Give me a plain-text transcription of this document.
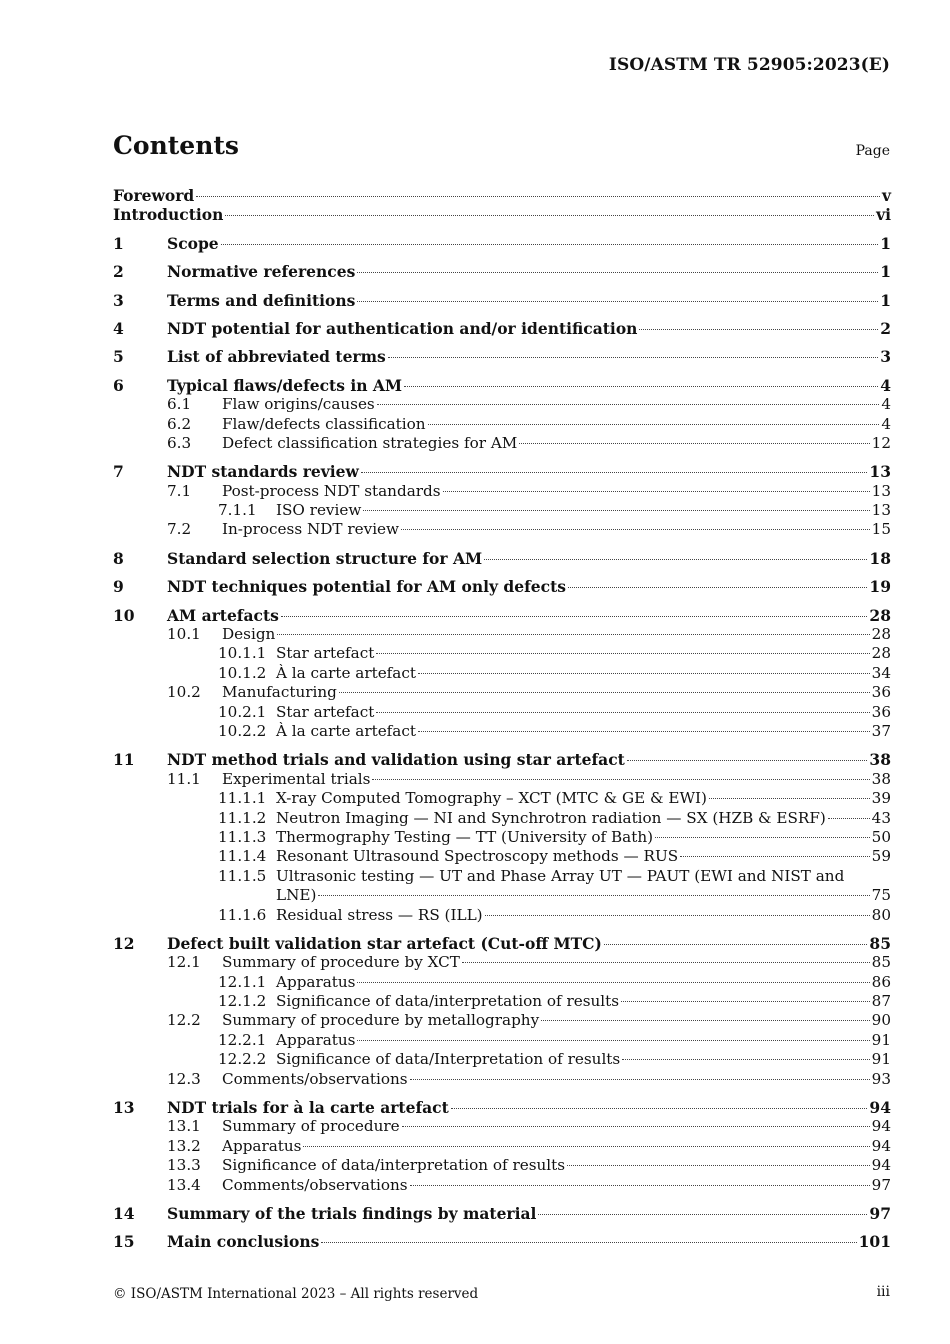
ISO/ASTM TR 52905:2023(E)
Contents	Page
Foreword	v
Introduction	vi
1	Scope	1
2	Normative references	1
3	Terms and definitions	1
4	NDT potential for authentication and/or identification	2
5	List of abbreviated terms	3
6	Typical flaws/defects in AM	4
6.1	Flaw origins/causes	4
6.2	Flaw/defects classification	4
6.3	Defect classification strategies for AM	12
7	NDT standards review	13
7.1	Post-process NDT standards	13
7.1.1	ISO review	13
7.2	In-process NDT review	15
8	Standard selection structure for AM	18
9	NDT techniques potential for AM only defects	19
10	AM artefacts	28
10.1	Design	28
10.1.1 Star artefact	28
10.1.2 À la carte artefact	34
10.2	Manufacturing	36
10.2.1 Star artefact	36
10.2.2 À la carte artefact	37
11	NDT method trials and validation using star artefact	38
11.1	Experimental trials	38
11.1.1 X-ray Computed Tomography – XCT (MTC & GE & EWI)	39
11.1.2 Neutron Imaging — NI and Synchrotron radiation — SX (HZB & ESRF)	43
11.1.3 Thermography Testing — TT (University of Bath)	50
11.1.4 Resonant Ultrasound Spectroscopy methods — RUS	59
11.1.5 Ultrasonic testing — UT and Phase Array UT — PAUT (EWI and NIST and
LNE)	75
11.1.6 Residual stress — RS (ILL)	80
12	Defect built validation star artefact (Cut-off MTC)	85
12.1	Summary of procedure by XCT	85
12.1.1 Apparatus	86
12.1.2 Significance of data/interpretation of results	87
12.2	Summary of procedure by metallography	90
12.2.1 Apparatus	91
12.2.2 Significance of data/Interpretation of results	91
12.3	Comments/observations	93
13	NDT trials for à la carte artefact	94
13.1	Summary of procedure	94
13.2	Apparatus	94
13.3	Significance of data/interpretation of results	94
13.4	Comments/observations	97
14	Summary of the trials findings by material	97
15	Main conclusions	101
© ISO/ASTM International 2023 – All rights reserved	iii
